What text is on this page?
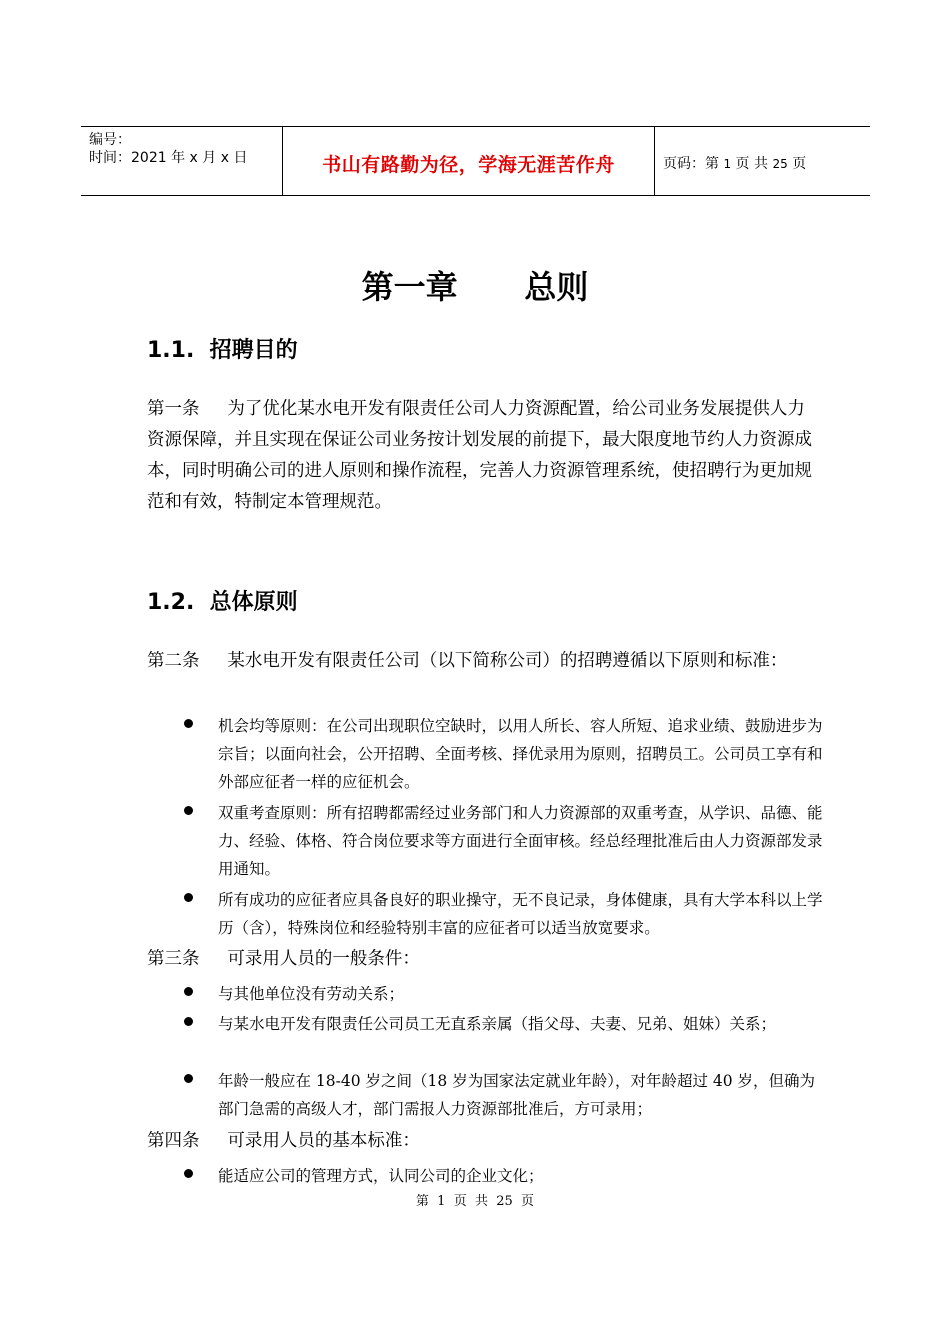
编号：
时间：2021 年 x 月 x 日	书山有路勤为径，学海无涯苦作舟	页码：第 1 页 共 25 页
第一章      总则
1.1.  招聘目的
第一条     为了优化某水电开发有限责任公司人力资源配置，给公司业务发展提供人力资源保障，并且实现在保证公司业务按计划发展的前提下，最大限度地节约人力资源成本，同时明确公司的进人原则和操作流程，完善人力资源管理系统，使招聘行为更加规范和有效，特制定本管理规范。
1.2.  总体原则
第二条     某水电开发有限责任公司（以下简称公司）的招聘遵循以下原则和标准：
机会均等原则：在公司出现职位空缺时，以用人所长、容人所短、追求业绩、鼓励进步为宗旨；以面向社会，公开招聘、全面考核、择优录用为原则，招聘员工。公司员工享有和外部应征者一样的应征机会。
双重考查原则：所有招聘都需经过业务部门和人力资源部的双重考查，从学识、品德、能力、经验、体格、符合岗位要求等方面进行全面审核。经总经理批准后由人力资源部发录用通知。
所有成功的应征者应具备良好的职业操守，无不良记录，身体健康，具有大学本科以上学历（含），特殊岗位和经验特别丰富的应征者可以适当放宽要求。
第三条     可录用人员的一般条件：
与其他单位没有劳动关系；
与某水电开发有限责任公司员工无直系亲属（指父母、夫妻、兄弟、姐妹）关系；
年龄一般应在 18-40 岁之间（18 岁为国家法定就业年龄），对年龄超过 40 岁，但确为部门急需的高级人才，部门需报人力资源部批准后，方可录用；
第四条     可录用人员的基本标准：
能适应公司的管理方式，认同公司的企业文化；
第  1  页  共  25  页
